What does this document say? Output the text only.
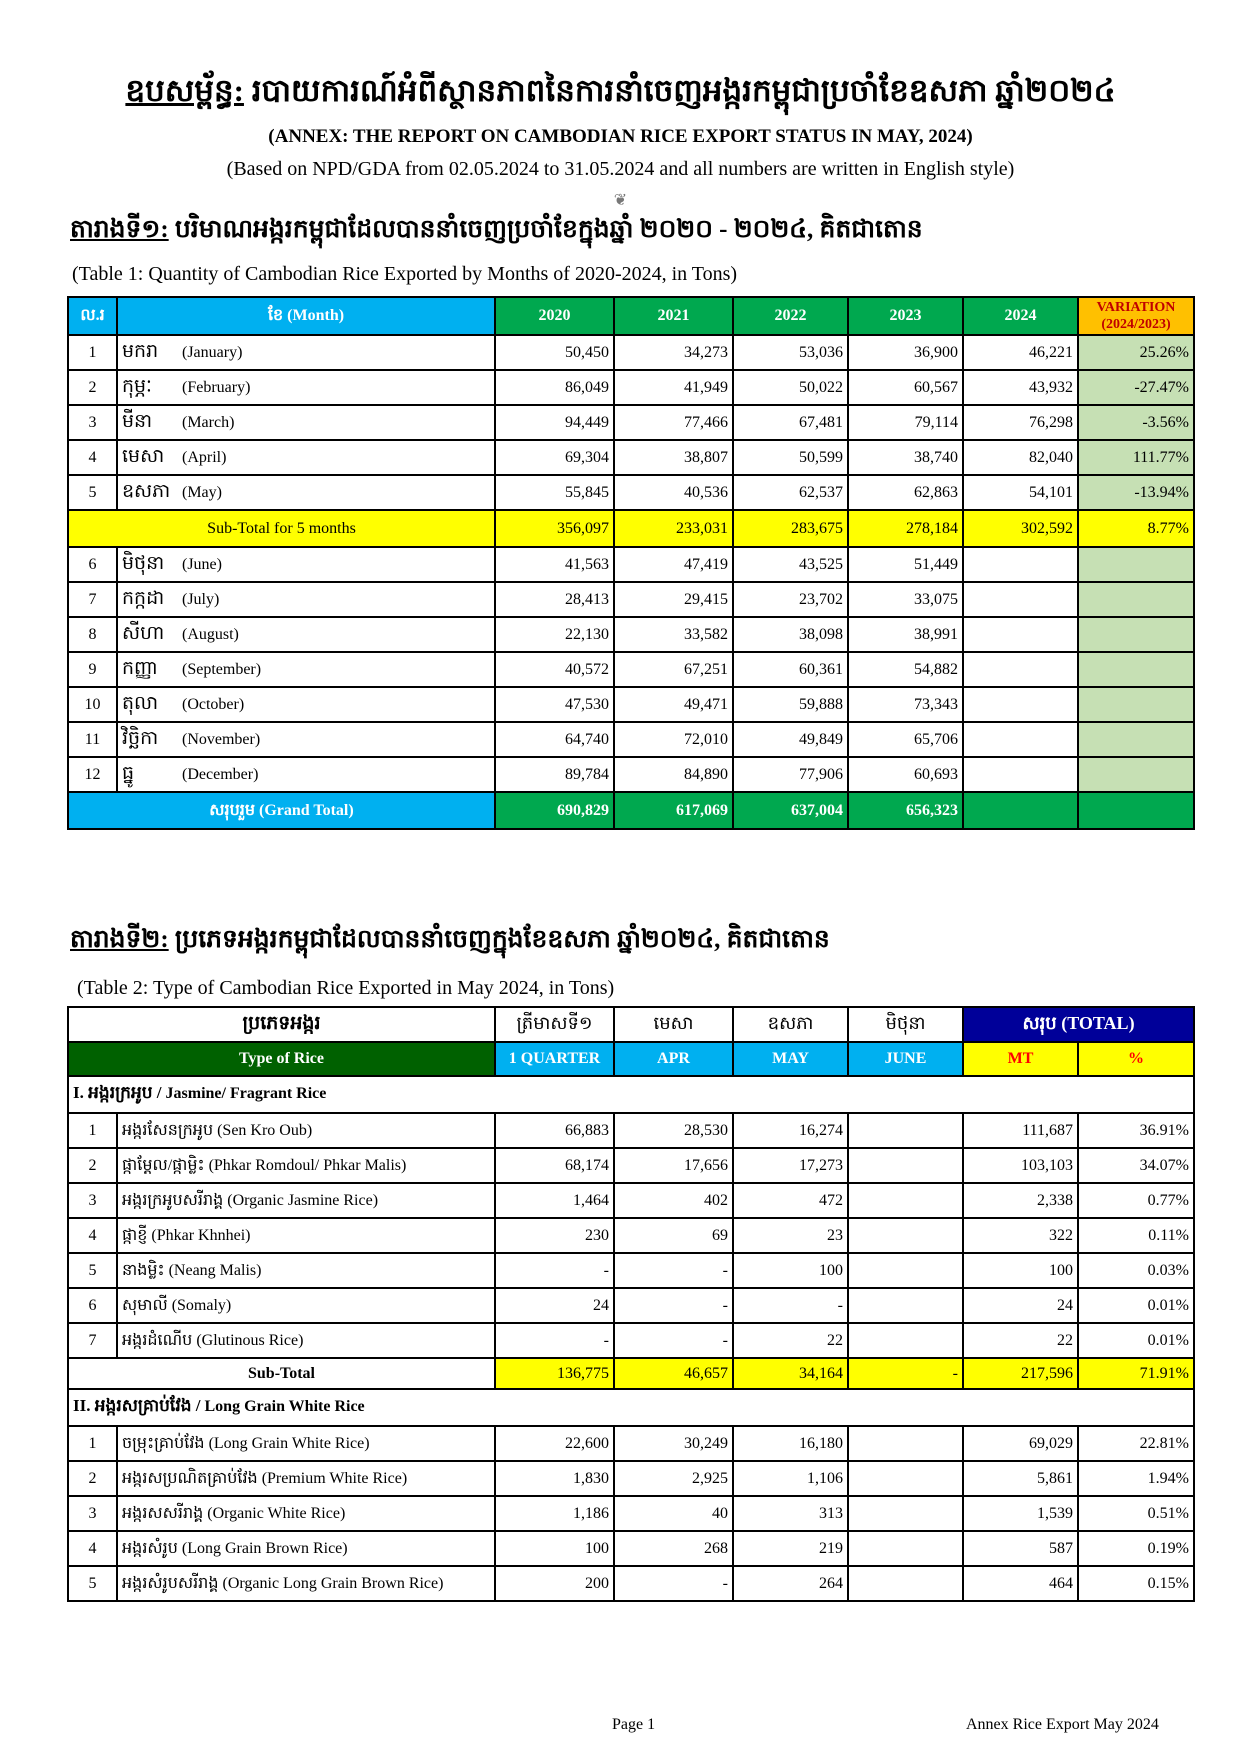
ឧបសម្ព័ន្ធ: របាយការណ៍អំពីស្ថានភាពនៃការនាំចេញអង្ករកម្ពុជាប្រចាំខែឧសភា ឆ្នាំ២០២៤
(ANNEX: THE REPORT ON CAMBODIAN RICE EXPORT STATUS IN MAY, 2024)
(Based on NPD/GDA from 02.05.2024 to 31.05.2024 and all numbers are written in English style)
❦
តារាងទី១: បរិមាណអង្ករកម្ពុជាដែលបាននាំចេញប្រចាំខែក្នុងឆ្នាំ ២០២០ - ២០២៤, គិតជាតោន
(Table 1: Quantity of Cambodian Rice Exported by Months of 2020-2024, in Tons)
ល.រ	ខែ (Month)	2020	2021	2022	2023	2024	VARIATION
(2024/2023)
1	មករា (January)	50,450	34,273	53,036	36,900	46,221	25.26%
2	កុម្ភៈ (February)	86,049	41,949	50,022	60,567	43,932	-27.47%
3	មីនា (March)	94,449	77,466	67,481	79,114	76,298	-3.56%
4	មេសា (April)	69,304	38,807	50,599	38,740	82,040	111.77%
5	ឧសភា (May)	55,845	40,536	62,537	62,863	54,101	-13.94%
Sub-Total for 5 months		356,097	233,031	283,675	278,184	302,592	8.77%
6	មិថុនា (June)	41,563	47,419	43,525	51,449		
7	កក្កដា (July)	28,413	29,415	23,702	33,075		
8	សីហា (August)	22,130	33,582	38,098	38,991		
9	កញ្ញា (September)	40,572	67,251	60,361	54,882		
10	តុលា (October)	47,530	49,471	59,888	73,343		
11	វិច្ឆិកា (November)	64,740	72,010	49,849	65,706		
12	ធ្នូ (December)	89,784	84,890	77,906	60,693		
សរុបរួម (Grand Total)		690,829	617,069	637,004	656,323		
តារាងទី២: ប្រភេទអង្ករកម្ពុជាដែលបាននាំចេញក្នុងខែឧសភា ឆ្នាំ២០២៤, គិតជាតោន
(Table 2: Type of Cambodian Rice Exported in May 2024, in Tons)
ប្រភេទអង្ករ		ត្រីមាសទី១	មេសា	ឧសភា	មិថុនា	សរុប (TOTAL)	
Type of Rice		1 QUARTER	APR	MAY	JUNE	MT	%
I. អង្ករក្រអូប / Jasmine/ Fragrant Rice							
1	អង្ករសែនក្រអូប (Sen Kro Oub)	66,883	28,530	16,274		111,687	36.91%
2	ផ្កាម្ដែល/ផ្កាម្លិះ (Phkar Romdoul/ Phkar Malis)	68,174	17,656	17,273		103,103	34.07%
3	អង្ករក្រអូបសរីរាង្គ (Organic Jasmine Rice)	1,464	402	472		2,338	0.77%
4	ផ្កាខ្ញី (Phkar Khnhei)	230	69	23		322	0.11%
5	នាងម្លិះ (Neang Malis)	-	-	100		100	0.03%
6	សុមាលី (Somaly)	24	-	-		24	0.01%
7	អង្ករដំណើប (Glutinous Rice)	-	-	22		22	0.01%
Sub-Total		136,775	46,657	34,164	-	217,596	71.91%
II. អង្ករសគ្រាប់វែង / Long Grain White Rice							
1	ចម្រុះគ្រាប់វែង (Long Grain White Rice)	22,600	30,249	16,180		69,029	22.81%
2	អង្ករសប្រណិតគ្រាប់វែង (Premium White Rice)	1,830	2,925	1,106		5,861	1.94%
3	អង្ករសសរីរាង្គ (Organic White Rice)	1,186	40	313		1,539	0.51%
4	អង្ករសំរូប (Long Grain Brown Rice)	100	268	219		587	0.19%
5	អង្ករសំរូបសរីរាង្គ (Organic Long Grain Brown Rice)	200	-	264		464	0.15%
Page 1	Annex Rice Export May 2024
